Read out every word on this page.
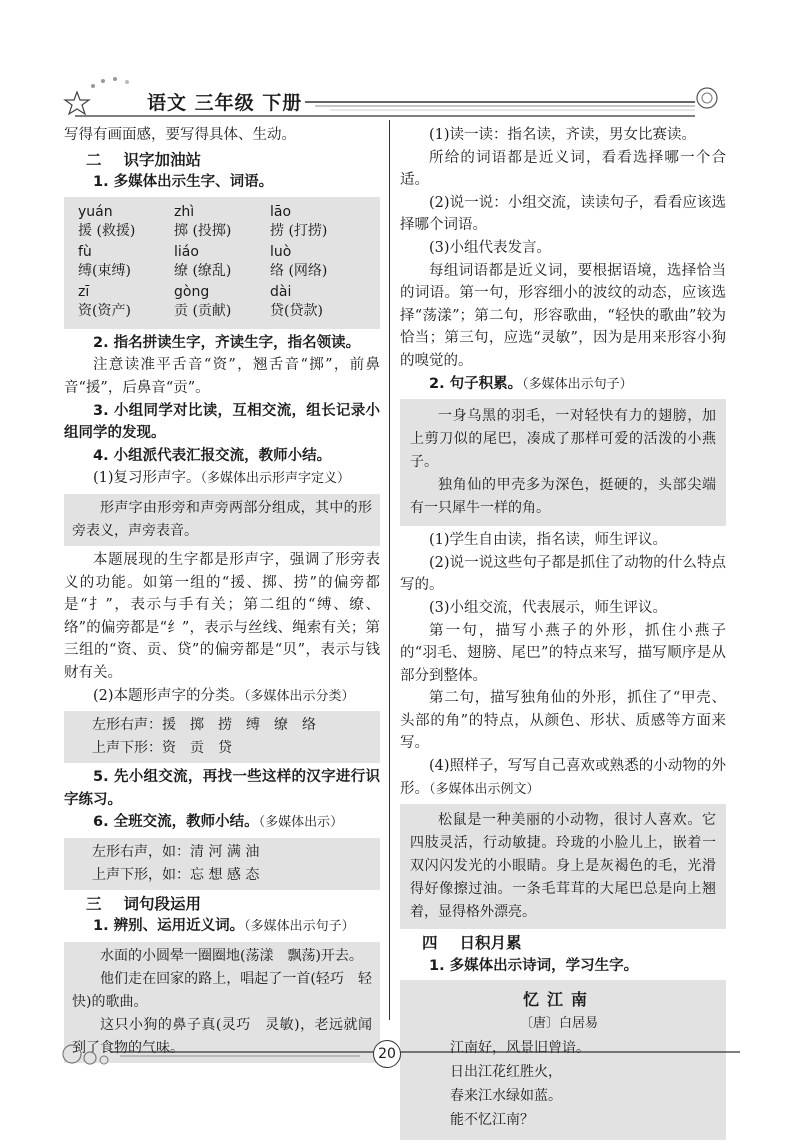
语文 三年级 下册

写得有画面感，要写得具体、生动。

二 识字加油站

1. 多媒体出示生字、词语。

yuán	zhì	lāo
援 (救援)	掷 (投掷)	捞 (打捞)
fù	liáo	luò
缚(束缚)	缭 (缭乱)	络 (网络)
zī	gòng	dài
资(资产)	贡 (贡献)	贷(贷款)

2. 指名拼读生字，齐读生字，指名领读。

注意读准平舌音“资”，翘舌音“掷”，前鼻音“援”，后鼻音“贡”。

3. 小组同学对比读，互相交流，组长记录小组同学的发现。

4. 小组派代表汇报交流，教师小结。

(1)复习形声字。（多媒体出示形声字定义）

形声字由形旁和声旁两部分组成，其中的形旁表义，声旁表音。

本题展现的生字都是形声字，强调了形旁表义的功能。如第一组的“援、掷、捞”的偏旁都是“扌”，表示与手有关；第二组的“缚、缭、络”的偏旁都是“纟”，表示与丝线、绳索有关；第三组的“资、贡、贷”的偏旁都是“贝”，表示与钱财有关。

(2)本题形声字的分类。（多媒体出示分类）

左形右声：援　掷　捞　缚　缭　络
上声下形：资　贡　贷

5. 先小组交流，再找一些这样的汉字进行识字练习。

6. 全班交流，教师小结。（多媒体出示）

左形右声，如：清 河 满 油
上声下形，如：忘 想 感 态
三 词句段运用

1. 辨别、运用近义词。（多媒体出示句子）

水面的小圆晕一圈圈地(荡漾　飘荡)开去。

他们走在回家的路上，唱起了一首(轻巧　轻快)的歌曲。

这只小狗的鼻子真(灵巧　灵敏)，老远就闻到了食物的气味。

(1)读一读：指名读，齐读，男女比赛读。

所给的词语都是近义词，看看选择哪一个合适。

(2)说一说：小组交流，读读句子，看看应该选择哪个词语。

(3)小组代表发言。

每组词语都是近义词，要根据语境，选择恰当的词语。第一句，形容细小的波纹的动态，应该选择“荡漾”；第二句，形容歌曲，“轻快的歌曲”较为恰当；第三句，应选“灵敏”，因为是用来形容小狗的嗅觉的。

2. 句子积累。（多媒体出示句子）

一身乌黑的羽毛，一对轻快有力的翅膀，加上剪刀似的尾巴，凑成了那样可爱的活泼的小燕子。

独角仙的甲壳多为深色，挺硬的，头部尖端有一只犀牛一样的角。

(1)学生自由读，指名读，师生评议。

(2)说一说这些句子都是抓住了动物的什么特点写的。

(3)小组交流，代表展示，师生评议。

第一句，描写小燕子的外形，抓住小燕子的“羽毛、翅膀、尾巴”的特点来写，描写顺序是从部分到整体。

第二句，描写独角仙的外形，抓住了“甲壳、头部的角”的特点，从颜色、形状、质感等方面来写。

(4)照样子，写写自己喜欢或熟悉的小动物的外形。（多媒体出示例文）

松鼠是一种美丽的小动物，很讨人喜欢。它四肢灵活，行动敏捷。玲珑的小脸儿上，嵌着一双闪闪发光的小眼睛。身上是灰褐色的毛，光滑得好像擦过油。一条毛茸茸的大尾巴总是向上翘着，显得格外漂亮。

四 日积月累

1. 多媒体出示诗词，学习生字。

忆江南
〔唐〕白居易
江南好，风景旧曾谙。
日出江花红胜火，
春来江水绿如蓝。
能不忆江南？
20
